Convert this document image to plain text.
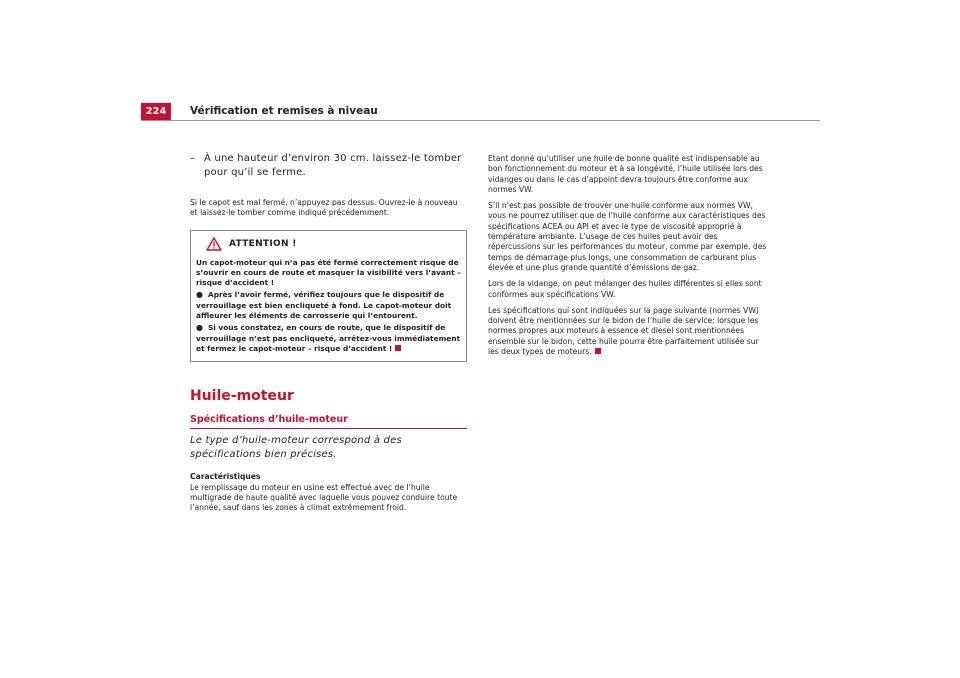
224	Vérification et remises à niveau
– À une hauteur d’environ 30 cm. laissez-le tomber pour qu’il se ferme.

Si le capot est mal fermé, n’appuyez pas dessus. Ouvrez-le à nouveau et laissez-le tomber comme indiqué précédemment.

ATTENTION !

Un capot-moteur qui n’a pas été fermé correctement risque de s’ouvrir en cours de route et masquer la visibilité vers l’avant – risque d’accident !

● Après l’avoir fermé, vérifiez toujours que le dispositif de verrouillage est bien encliqueté à fond. Le capot-moteur doit affleurer les éléments de carrosserie qui l’entourent.

● Si vous constatez, en cours de route, que le dispositif de verrouillage n’est pas encliqueté, arrêtez-vous immédiatement et fermez le capot-moteur – risque d’accident !

Huile-moteur
Spécifications d’huile-moteur

Le type d’huile-moteur correspond à des spécifications bien précises.

Caractéristiques

Le remplissage du moteur en usine est effectué avec de l’huile multigrade de haute qualité avec laquelle vous pouvez conduire toute l’année, sauf dans les zones à climat extrêmement froid.

Etant donné qu’utiliser une huile de bonne qualité est indispensable au bon fonctionnement du moteur et à sa longévité, l’huile utilisée lors des vidanges ou dans le cas d’appoint devra toujours être conforme aux normes VW.

S’il n’est pas possible de trouver une huile conforme aux normes VW, vous ne pourrez utiliser que de l’huile conforme aux caractéristiques des spécifications ACEA ou API et avec le type de viscosité approprié à température ambiante. L’usage de ces huiles peut avoir des répercussions sur les performances du moteur, comme par exemple, des temps de démarrage plus longs, une consommation de carburant plus élevée et une plus grande quantité d’émissions de gaz.

Lors de la vidange, on peut mélanger des huiles différentes si elles sont conformes aux spécifications VW.

Les spécifications qui sont indiquées sur la page suivante (normes VW) doivent être mentionnées sur le bidon de l’huile de service; lorsque les normes propres aux moteurs à essence et diesel sont mentionnées ensemble sur le bidon, cette huile pourra être parfaitement utilisée sur les deux types de moteurs.
